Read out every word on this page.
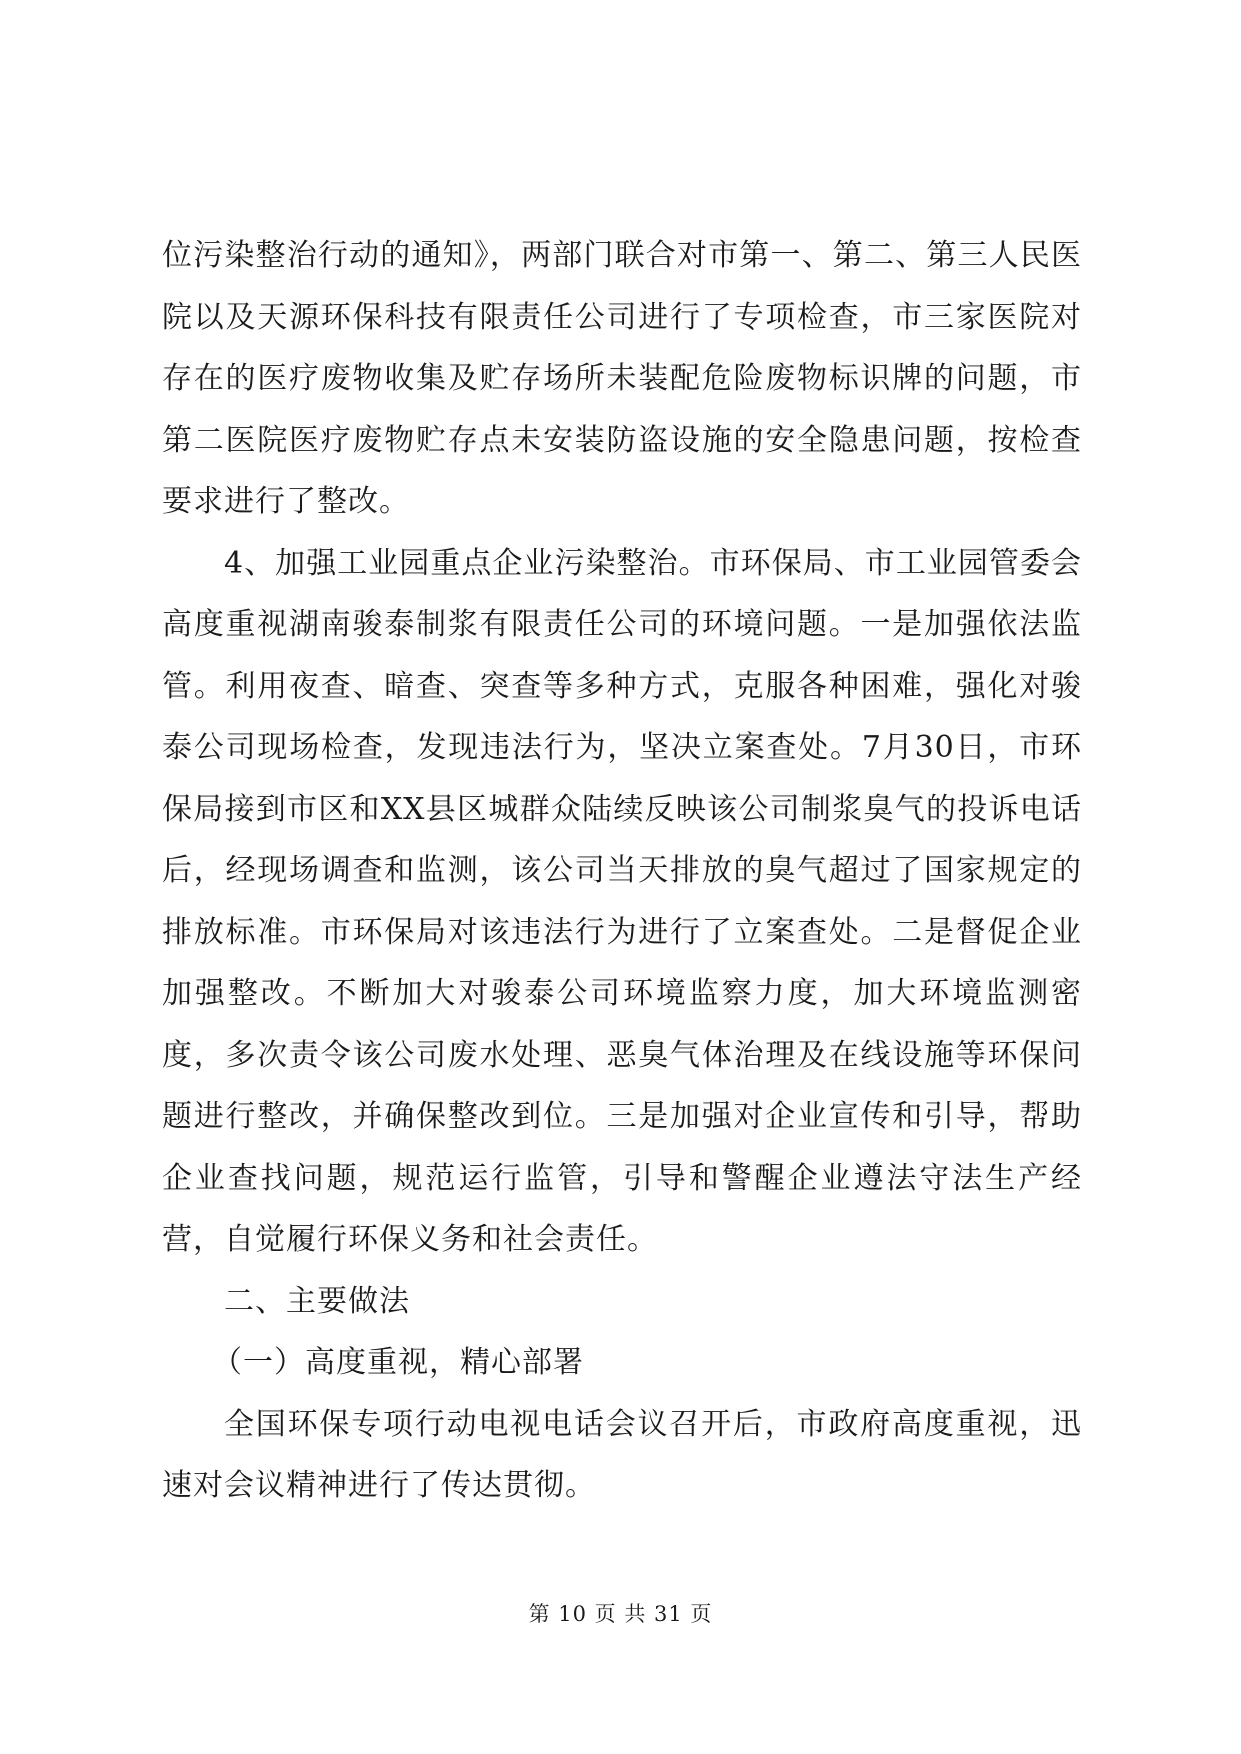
位污染整治行动的通知》，两部门联合对市第一、第二、第三人民医院以及天源环保科技有限责任公司进行了专项检查，市三家医院对存在的医疗废物收集及贮存场所未装配危险废物标识牌的问题，市第二医院医疗废物贮存点未安装防盗设施的安全隐患问题，按检查要求进行了整改。

4、加强工业园重点企业污染整治。市环保局、市工业园管委会高度重视湖南骏泰制浆有限责任公司的环境问题。一是加强依法监管。利用夜查、暗查、突查等多种方式，克服各种困难，强化对骏泰公司现场检查，发现违法行为，坚决立案查处。7月30日，市环保局接到市区和XX县区城群众陆续反映该公司制浆臭气的投诉电话后，经现场调查和监测，该公司当天排放的臭气超过了国家规定的排放标准。市环保局对该违法行为进行了立案查处。二是督促企业加强整改。不断加大对骏泰公司环境监察力度，加大环境监测密度，多次责令该公司废水处理、恶臭气体治理及在线设施等环保问题进行整改，并确保整改到位。三是加强对企业宣传和引导，帮助企业查找问题，规范运行监管，引导和警醒企业遵法守法生产经营，自觉履行环保义务和社会责任。

二、主要做法

（一）高度重视，精心部署

全国环保专项行动电视电话会议召开后，市政府高度重视，迅速对会议精神进行了传达贯彻。

第 10 页 共 31 页
